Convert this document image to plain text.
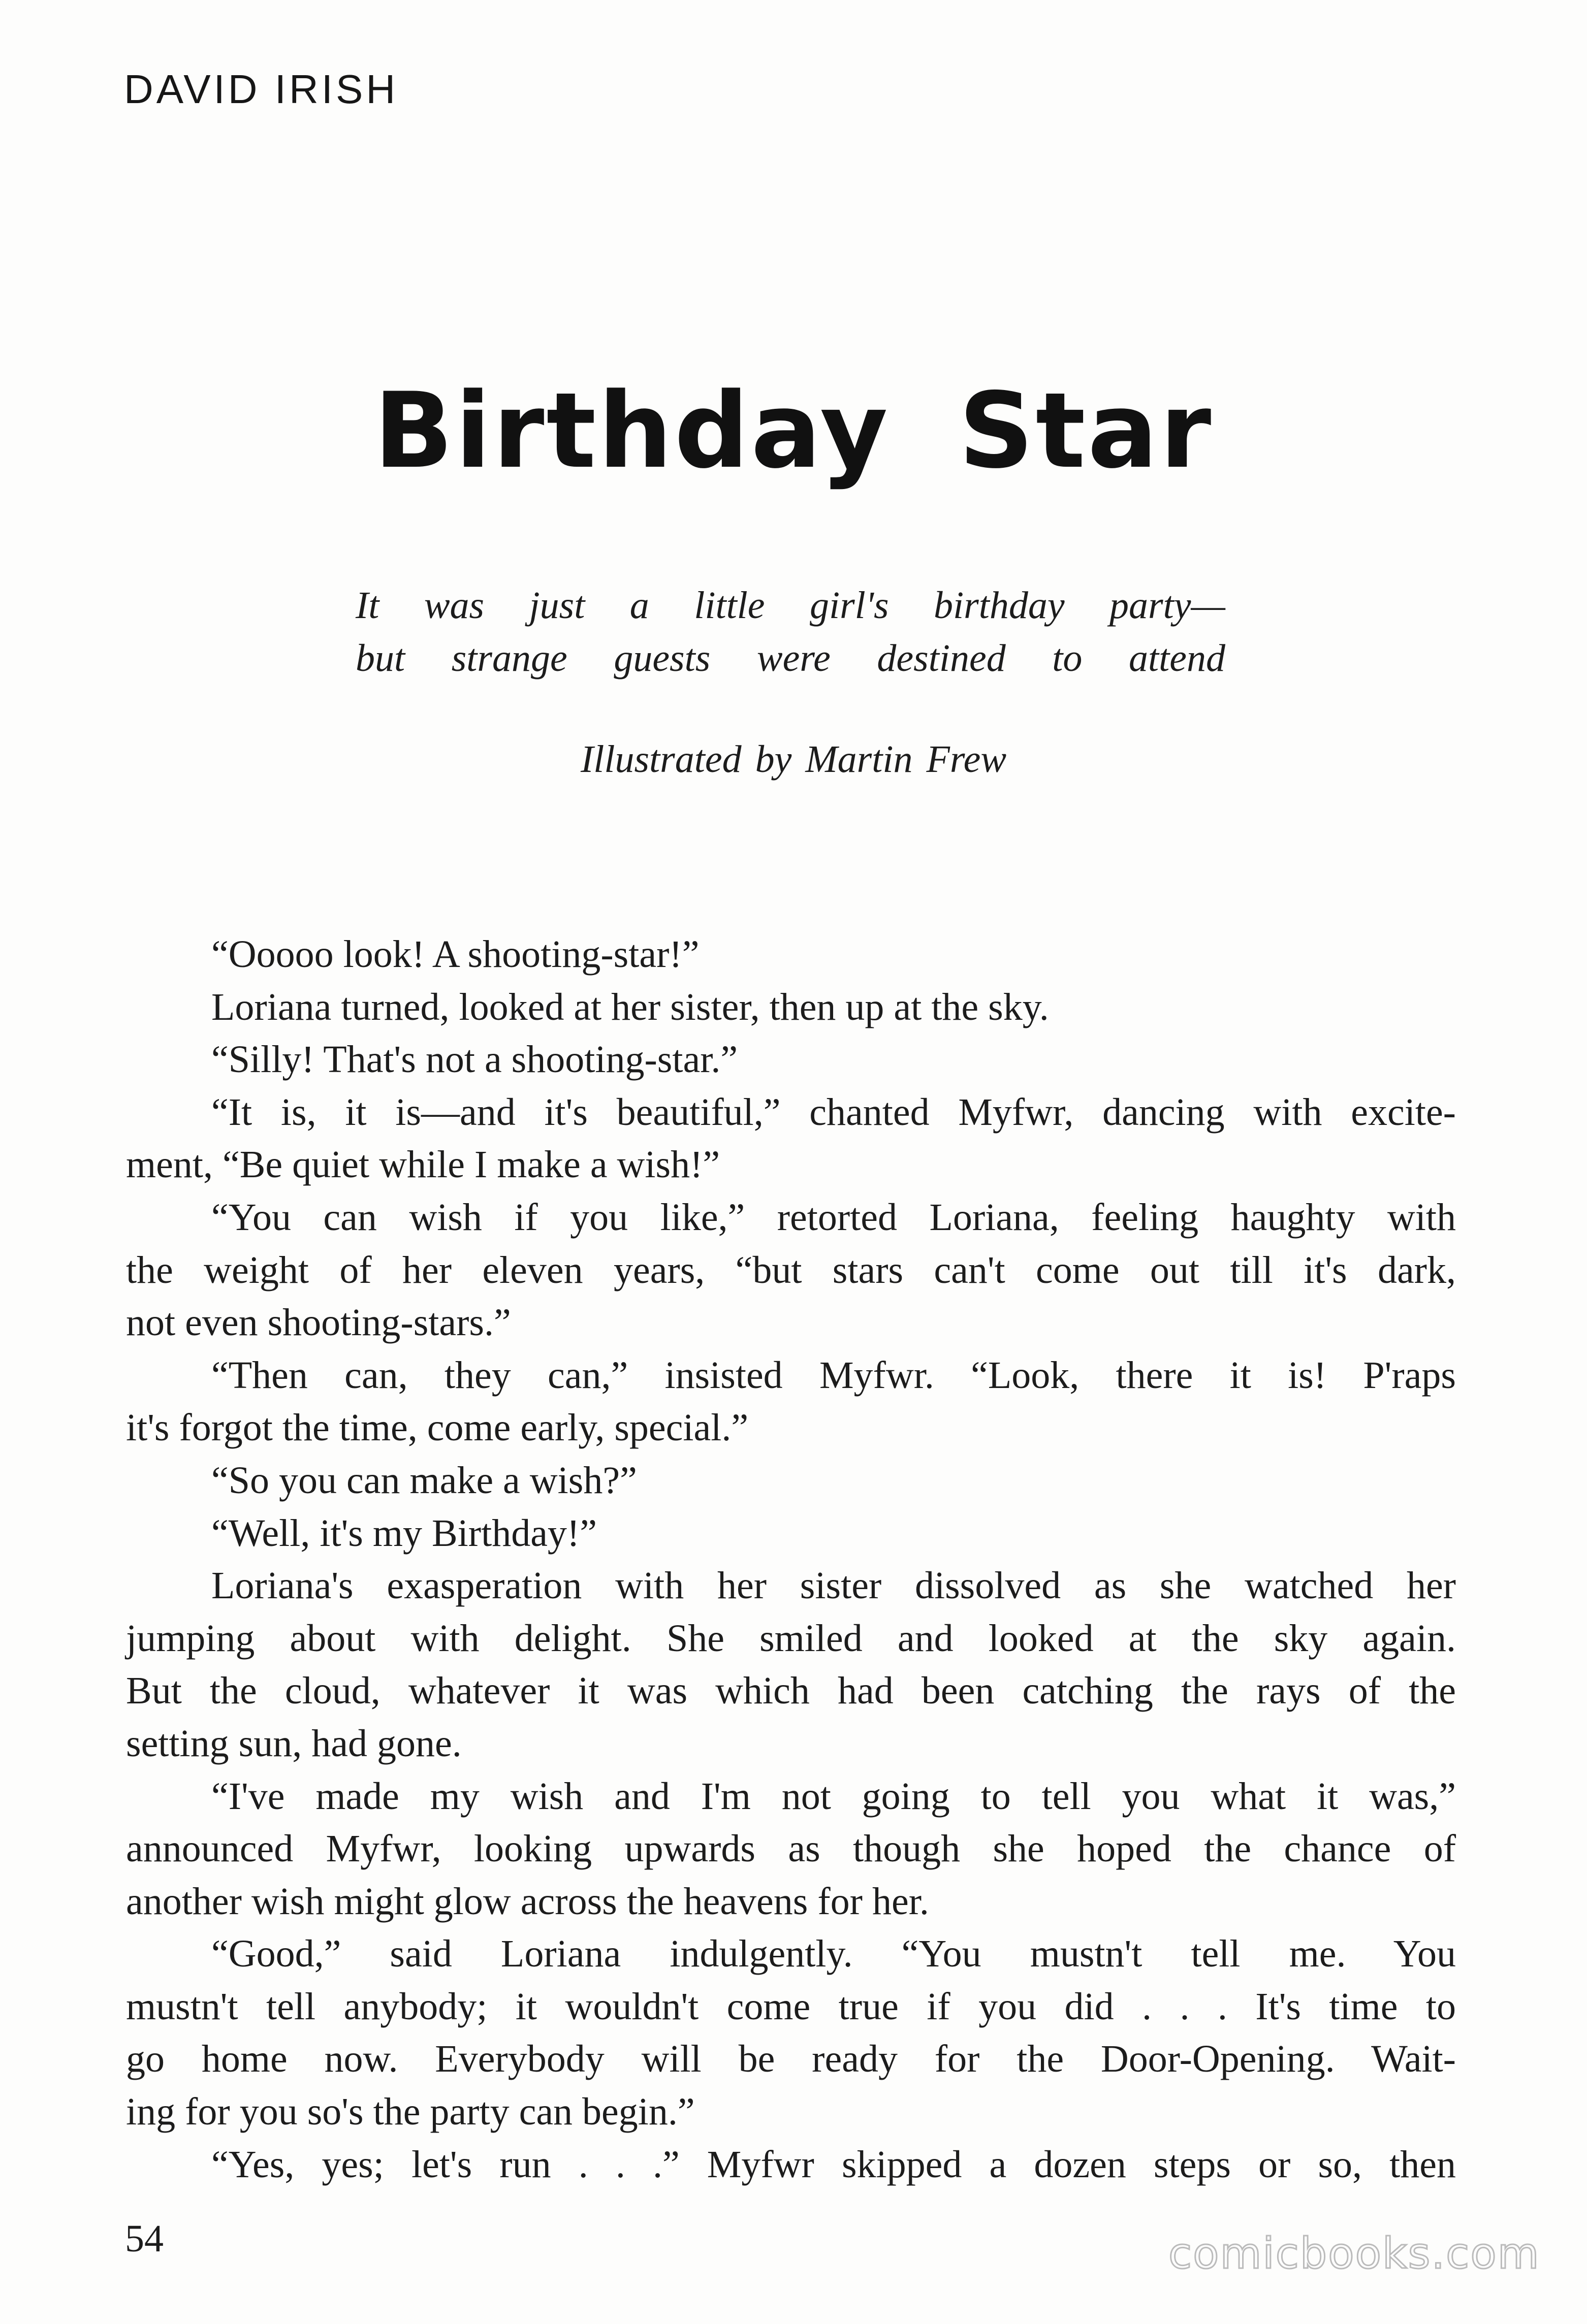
DAVID IRISH
Birthday Star
It was just a little girl's birthday party—
but strange guests were destined to attend
Illustrated by Martin Frew
“Ooooo look! A shooting-star!”
Loriana turned, looked at her sister, then up at the sky.
“Silly! That's not a shooting-star.”
“It is, it is—and it's beautiful,” chanted Myfwr, dancing with excite-
ment, “Be quiet while I make a wish!”
“You can wish if you like,” retorted Loriana, feeling haughty with
the weight of her eleven years, “but stars can't come out till it's dark,
not even shooting-stars.”
“Then can, they can,” insisted Myfwr. “Look, there it is! P'raps
it's forgot the time, come early, special.”
“So you can make a wish?”
“Well, it's my Birthday!”
Loriana's exasperation with her sister dissolved as she watched her
jumping about with delight. She smiled and looked at the sky again.
But the cloud, whatever it was which had been catching the rays of the
setting sun, had gone.
“I've made my wish and I'm not going to tell you what it was,”
announced Myfwr, looking upwards as though she hoped the chance of
another wish might glow across the heavens for her.
“Good,” said Loriana indulgently. “You mustn't tell me. You
mustn't tell anybody; it wouldn't come true if you did . . . It's time to
go home now. Everybody will be ready for the Door-Opening. Wait-
ing for you so's the party can begin.”
“Yes, yes; let's run . . .” Myfwr skipped a dozen steps or so, then
54	comicbooks.com
